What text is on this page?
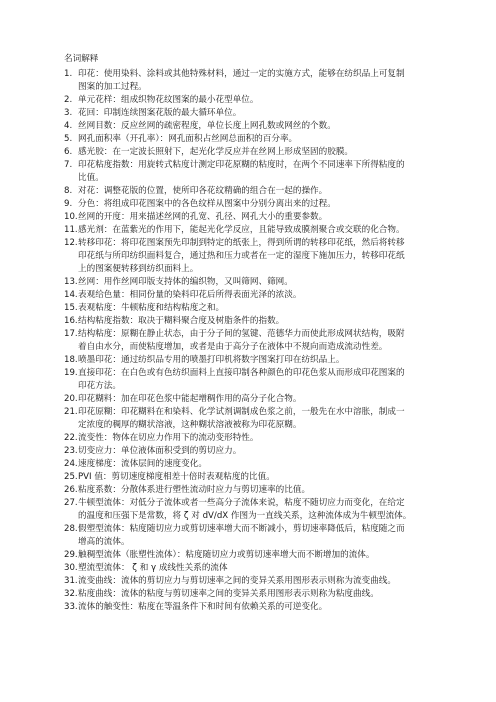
名词解释
1. 印花：使用染料、涂料或其他特殊材料，通过一定的实施方式，能够在纺织品上可复制
图案的加工过程。
2. 单元花样：组成织物花纹图案的最小花型单位。
3. 花回：印制连续图案花版的最大循环单位。
4. 丝网目数：反应丝网的疏密程度，单位长度上网孔数或网丝的个数。
5. 网孔面积率（开孔率）：网孔面积占丝网总面积的百分率。
6. 感光胶：在一定波长照射下，起光化学反应并在丝网上形成坚固的胶膜。
7. 印花粘度指数：用旋转式粘度计测定印花原糊的粘度时，在两个不同速率下所得粘度的
比值。
8. 对花：调整花版的位置，使所印各花纹精确的组合在一起的操作。
9. 分色：将组成印花图案中的各色纹样从图案中分别分离出来的过程。
10. 丝网的开度：用来描述丝网的孔宽、孔径、网孔大小的重要参数。
11. 感光剂：在蓝紫光的作用下，能起光化学反应，且能导致成膜剂聚合或交联的化合物。
12. 转移印花：将印花图案预先印制到特定的纸张上，得到所谓的转移印花纸，然后将转移
印花纸与所印纺织面料复合，通过热和压力或者在一定的湿度下施加压力，转移印花纸
上的图案便转移到纺织面料上。
13. 丝网：用作丝网印版支持体的编织物，又叫筛网、筛网。
14. 表观给色量：相同份量的染料印花后所得表面光泽的浓淡。
15. 表观粘度：牛顿粘度和结构粘度之和。
16. 结构粘度指数：取决于糊料聚合度及树脂条件的指数。
17. 结构粘度：原糊在静止状态，由于分子间的氢键、范德华力而使此形成网状结构，吸附
着自由水分，而使粘度增加，或者是由于高分子在液体中不规向而造成流动性差。
18. 喷墨印花：通过纺织品专用的喷墨打印机将数字图案打印在纺织品上。
19. 直接印花：在白色或有色纺织面料上直接印制各种颜色的印花色浆从而形成印花图案的
印花方法。
20. 印花糊料：加在印花色浆中能起增稠作用的高分子化合物。
21. 印花原糊：印花糊料在和染料、化学试剂调制成色浆之前，一般先在水中溶胀，制成一
定浓度的稠厚的糊状溶液，这种糊状溶液被称为印花原糊。
22. 流变性：物体在切应力作用下的流动变形特性。
23. 切变应力：单位液体面积受到的剪切应力。
24. 速度梯度：流体层间的速度变化。
25. PVI 值：剪切速度梯度相差十倍时表观粘度的比值。
26. 粘度系数：分散体系进行塑性流动时应力与剪切速率的比值。
27. 牛顿型流体：对低分子流体或者一些高分子流体来说，粘度不随切应力而变化，在给定
的温度和压强下是常数，将 ζ 对 dV/dX 作图为一直线关系，这种流体成为牛顿型流体。
28. 假塑型流体：粘度随切应力或剪切速率增大而不断减小，剪切速率降低后，粘度随之而
增高的流体。
29. 触稠型流体（胀塑性流体）：粘度随切应力或剪切速率增大而不断增加的流体。
30. 塑流型流体： ζ 和 γ 成线性关系的流体
31. 流变曲线：流体的剪切应力与剪切速率之间的变异关系用图形表示则称为流变曲线。
32. 粘度曲线：流体的粘度与剪切速率之间的变异关系用图形表示则称为粘度曲线。
33. 流体的触变性：粘度在等温条件下和时间有依赖关系的可逆变化。
